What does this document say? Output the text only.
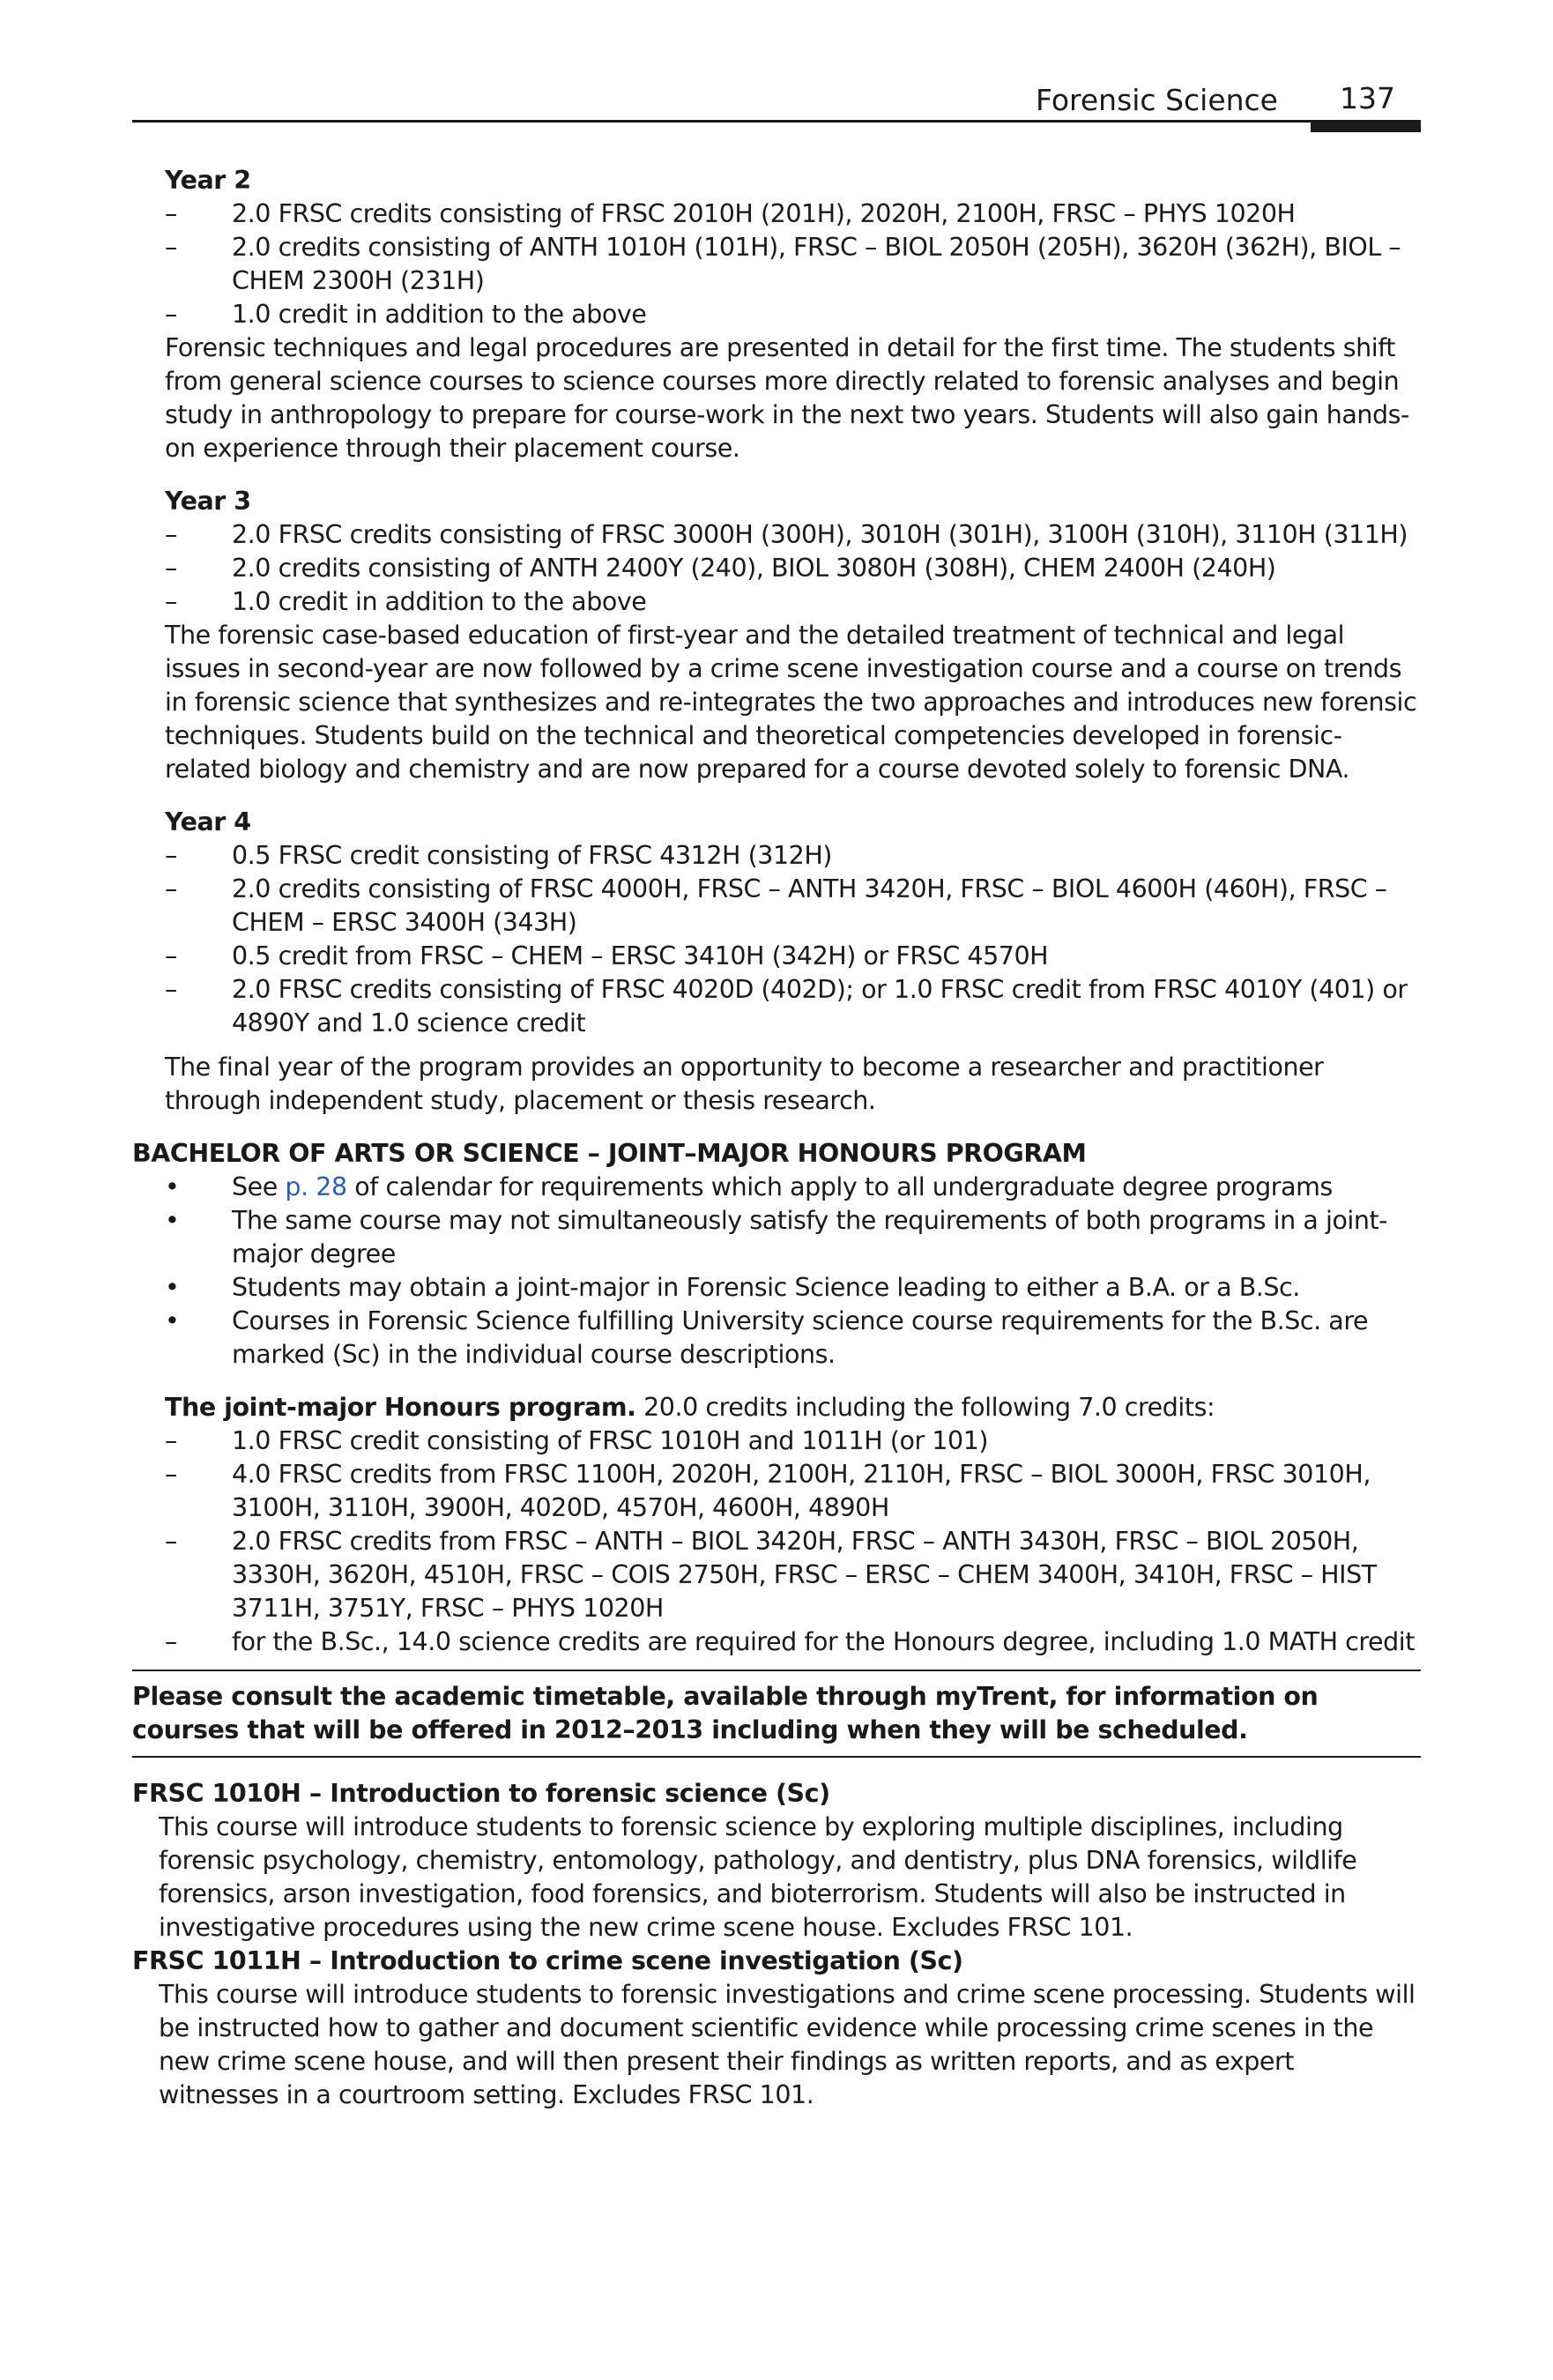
Forensic Science 137
Year 2
– 2.0 FRSC credits consisting of FRSC 2010H (201H), 2020H, 2100H, FRSC – PHYS 1020H
– 2.0 credits consisting of ANTH 1010H (101H), FRSC – BIOL 2050H (205H), 3620H (362H), BIOL – CHEM 2300H (231H)
– 1.0 credit in addition to the above
Forensic techniques and legal procedures are presented in detail for the first time. The students shift from general science courses to science courses more directly related to forensic analyses and begin study in anthropology to prepare for course-work in the next two years. Students will also gain hands-on experience through their placement course.
Year 3
– 2.0 FRSC credits consisting of FRSC 3000H (300H), 3010H (301H), 3100H (310H), 3110H (311H)
– 2.0 credits consisting of ANTH 2400Y (240), BIOL 3080H (308H), CHEM 2400H (240H)
– 1.0 credit in addition to the above
The forensic case-based education of first-year and the detailed treatment of technical and legal issues in second-year are now followed by a crime scene investigation course and a course on trends in forensic science that synthesizes and re-integrates the two approaches and introduces new forensic techniques. Students build on the technical and theoretical competencies developed in forensic-related biology and chemistry and are now prepared for a course devoted solely to forensic DNA.
Year 4
– 0.5 FRSC credit consisting of FRSC 4312H (312H)
– 2.0 credits consisting of FRSC 4000H, FRSC – ANTH 3420H, FRSC – BIOL 4600H (460H), FRSC – CHEM – ERSC 3400H (343H)
– 0.5 credit from FRSC – CHEM – ERSC 3410H (342H) or FRSC 4570H
– 2.0 FRSC credits consisting of FRSC 4020D (402D); or 1.0 FRSC credit from FRSC 4010Y (401) or 4890Y and 1.0 science credit
The final year of the program provides an opportunity to become a researcher and practitioner through independent study, placement or thesis research.
BACHELOR OF ARTS OR SCIENCE – JOINT–MAJOR HONOURS PROGRAM
• See p. 28 of calendar for requirements which apply to all undergraduate degree programs
• The same course may not simultaneously satisfy the requirements of both programs in a joint-major degree
• Students may obtain a joint-major in Forensic Science leading to either a B.A. or a B.Sc.
• Courses in Forensic Science fulfilling University science course requirements for the B.Sc. are marked (Sc) in the individual course descriptions.
The joint-major Honours program. 20.0 credits including the following 7.0 credits:
– 1.0 FRSC credit consisting of FRSC 1010H and 1011H (or 101)
– 4.0 FRSC credits from FRSC 1100H, 2020H, 2100H, 2110H, FRSC – BIOL 3000H, FRSC 3010H, 3100H, 3110H, 3900H, 4020D, 4570H, 4600H, 4890H
– 2.0 FRSC credits from FRSC – ANTH – BIOL 3420H, FRSC – ANTH 3430H, FRSC – BIOL 2050H, 3330H, 3620H, 4510H, FRSC – COIS 2750H, FRSC – ERSC – CHEM 3400H, 3410H, FRSC – HIST 3711H, 3751Y, FRSC – PHYS 1020H
– for the B.Sc., 14.0 science credits are required for the Honours degree, including 1.0 MATH credit
Please consult the academic timetable, available through myTrent, for information on courses that will be offered in 2012–2013 including when they will be scheduled.
FRSC 1010H – Introduction to forensic science (Sc)
This course will introduce students to forensic science by exploring multiple disciplines, including forensic psychology, chemistry, entomology, pathology, and dentistry, plus DNA forensics, wildlife forensics, arson investigation, food forensics, and bioterrorism. Students will also be instructed in investigative procedures using the new crime scene house. Excludes FRSC 101.
FRSC 1011H – Introduction to crime scene investigation (Sc)
This course will introduce students to forensic investigations and crime scene processing. Students will be instructed how to gather and document scientific evidence while processing crime scenes in the new crime scene house, and will then present their findings as written reports, and as expert witnesses in a courtroom setting. Excludes FRSC 101.
